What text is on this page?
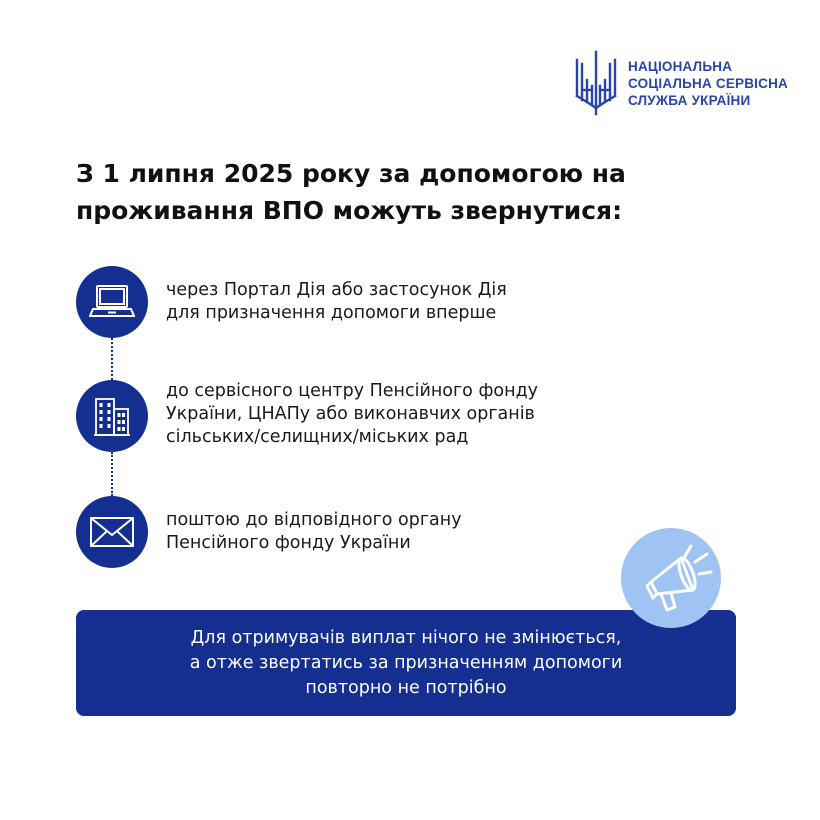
НАЦІОНАЛЬНА
СОЦІАЛЬНА СЕРВІСНА
СЛУЖБА УКРАЇНИ
З 1 липня 2025 року за допомогою на
проживання ВПО можуть звернутися:
через Портал Дія або застосунок Дія
для призначення допомоги вперше
до сервісного центру Пенсійного фонду
України, ЦНАПу або виконавчих органів
сільських/селищних/міських рад
поштою до відповідного органу
Пенсійного фонду України
Для отримувачів виплат нічого не змінюється,
а отже звертатись за призначенням допомоги
повторно не потрібно
